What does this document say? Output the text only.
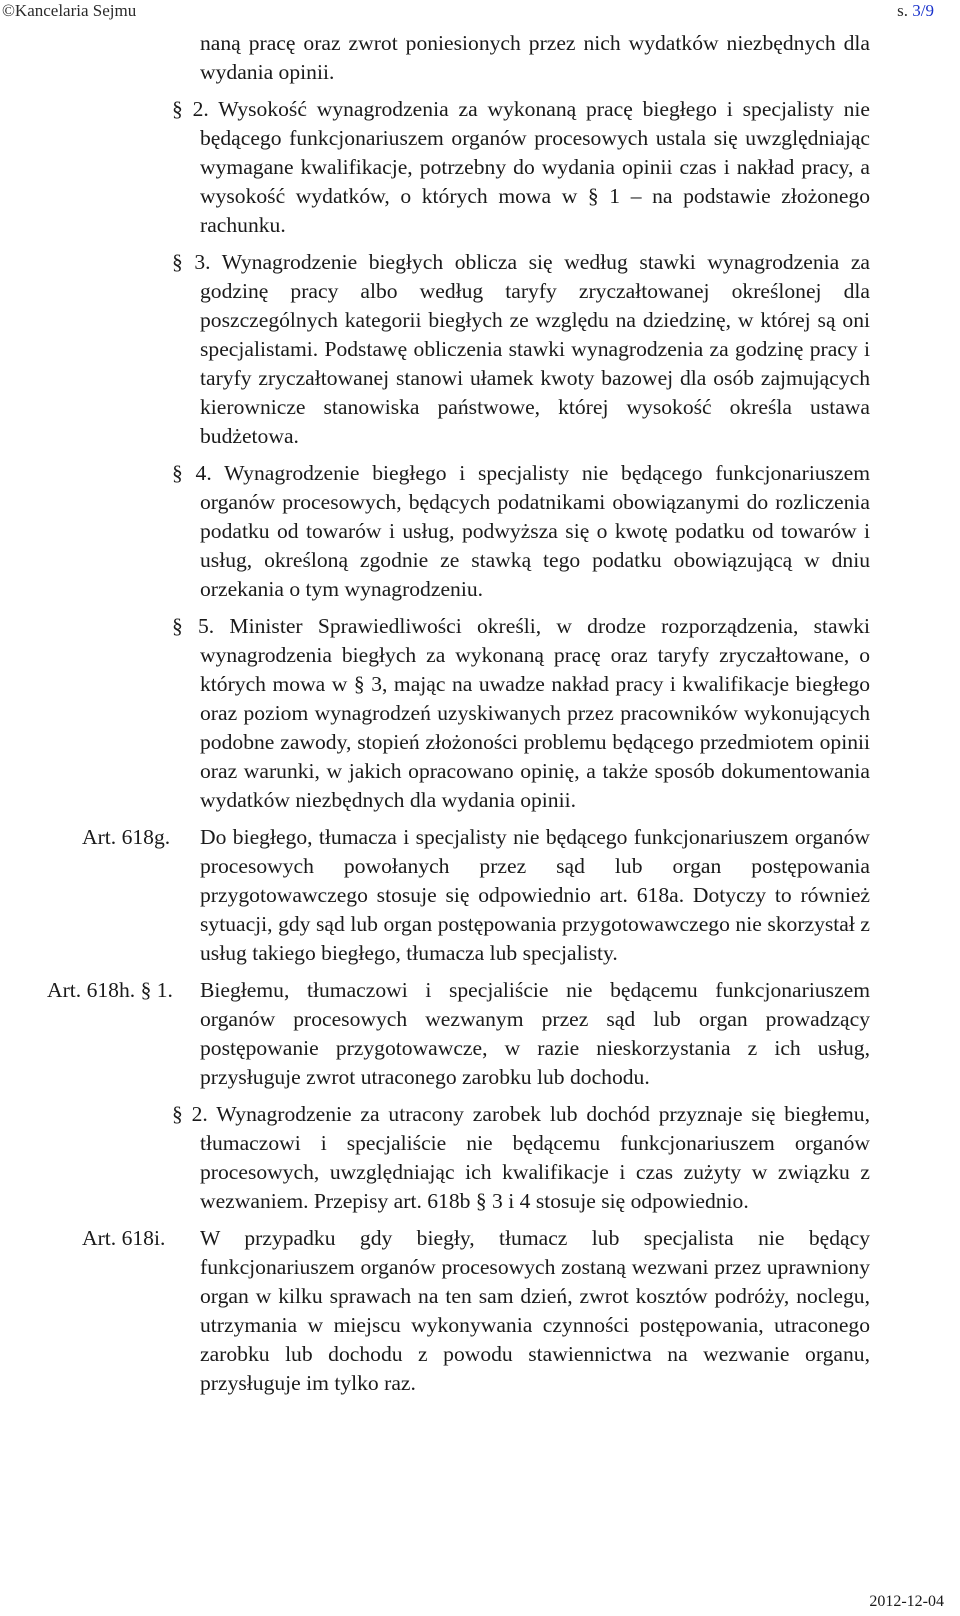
©Kancelaria Sejmu	s. 3/9

naną pracę oraz zwrot poniesionych przez nich wydatków niezbędnych dla wydania opinii.

§ 2. Wysokość wynagrodzenia za wykonaną pracę biegłego i specjalisty nie będącego funkcjonariuszem organów procesowych ustala się uwzględniając wymagane kwalifikacje, potrzebny do wydania opinii czas i nakład pracy, a wysokość wydatków, o których mowa w § 1 – na podstawie złożonego rachunku.

§ 3. Wynagrodzenie biegłych oblicza się według stawki wynagrodzenia za godzinę pracy albo według taryfy zryczałtowanej określonej dla poszczególnych kategorii biegłych ze względu na dziedzinę, w której są oni specjalistami. Podstawę obliczenia stawki wynagrodzenia za godzinę pracy i taryfy zryczałtowanej stanowi ułamek kwoty bazowej dla osób zajmujących kierownicze stanowiska państwowe, której wysokość określa ustawa budżetowa.

§ 4. Wynagrodzenie biegłego i specjalisty nie będącego funkcjonariuszem organów procesowych, będących podatnikami obowiązanymi do rozliczenia podatku od towarów i usług, podwyższa się o kwotę podatku od towarów i usług, określoną zgodnie ze stawką tego podatku obowiązującą w dniu orzekania o tym wynagrodzeniu.

§ 5. Minister Sprawiedliwości określi, w drodze rozporządzenia, stawki wynagrodzenia biegłych za wykonaną pracę oraz taryfy zryczałtowane, o których mowa w § 3, mając na uwadze nakład pracy i kwalifikacje biegłego oraz poziom wynagrodzeń uzyskiwanych przez pracowników wykonujących podobne zawody, stopień złożoności problemu będącego przedmiotem opinii oraz warunki, w jakich opracowano opinię, a także sposób dokumentowania wydatków niezbędnych dla wydania opinii.

Art. 618g. Do biegłego, tłumacza i specjalisty nie będącego funkcjonariuszem organów procesowych powołanych przez sąd lub organ postępowania przygotowawczego stosuje się odpowiednio art. 618a. Dotyczy to również sytuacji, gdy sąd lub organ postępowania przygotowawczego nie skorzystał z usług takiego biegłego, tłumacza lub specjalisty.
Art. 618h. § 1. Biegłemu, tłumaczowi i specjaliście nie będącemu funkcjonariuszem organów procesowych wezwanym przez sąd lub organ prowadzący postępowanie przygotowawcze, w razie nieskorzystania z ich usług, przysługuje zwrot utraconego zarobku lub dochodu.

§ 2. Wynagrodzenie za utracony zarobek lub dochód przyznaje się biegłemu, tłumaczowi i specjaliście nie będącemu funkcjonariuszem organów procesowych, uwzględniając ich kwalifikacje i czas zużyty w związku z wezwaniem. Przepisy art. 618b § 3 i 4 stosuje się odpowiednio.

Art. 618i. W przypadku gdy biegły, tłumacz lub specjalista nie będący funkcjonariuszem organów procesowych zostaną wezwani przez uprawniony organ w kilku sprawach na ten sam dzień, zwrot kosztów podróży, noclegu, utrzymania w miejscu wykonywania czynności postępowania, utraconego zarobku lub dochodu z powodu stawiennictwa na wezwanie organu, przysługuje im tylko raz.
2012-12-04
